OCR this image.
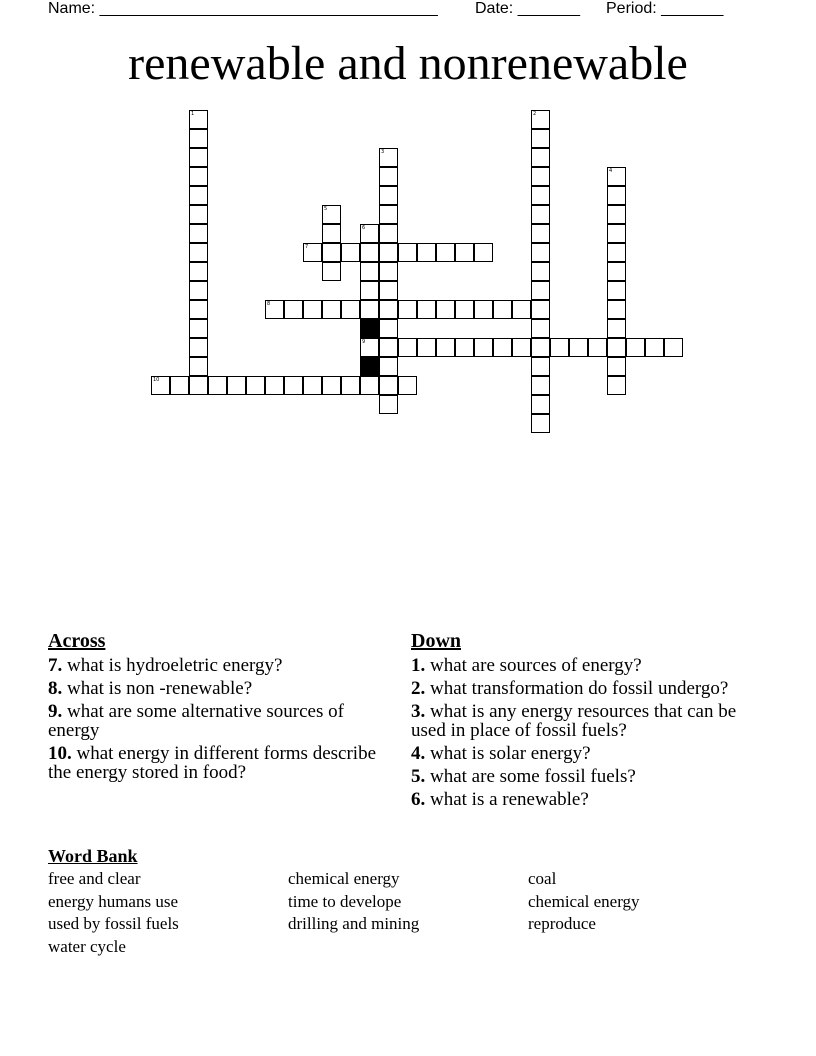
Name: ______________________________________ Date: _______ Period: _______
renewable and nonrenewable
1	2
3
4
5
6
9
7
8
10
Across
7. what is hydroeletric energy?
8. what is non -renewable?
9. what are some alternative sources of energy
10. what energy in different forms describe the energy stored in food?
Down
1. what are sources of energy?
2. what transformation do fossil undergo?
3. what is any energy resources that can be used in place of fossil fuels?
4. what is solar energy?
5. what are some fossil fuels?
6. what is a renewable?
Word Bank
free and clear	chemical energy	coal
energy humans use	time to develope	chemical energy
used by fossil fuels	drilling and mining	reproduce
water cycle
